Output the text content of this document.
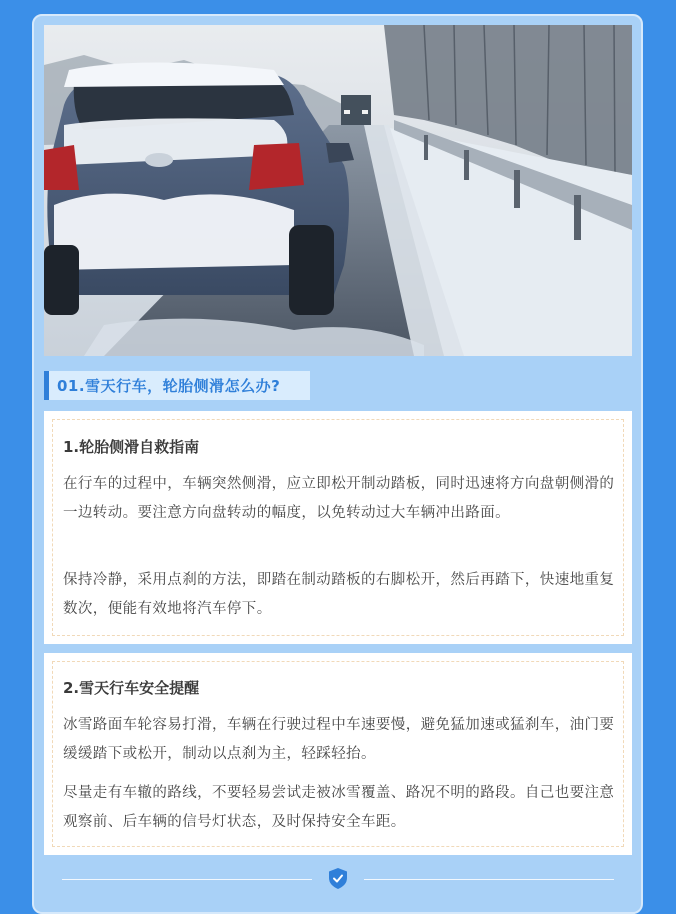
01.雪天行车，轮胎侧滑怎么办?
1.轮胎侧滑自救指南

在行车的过程中，车辆突然侧滑，应立即松开制动踏板，同时迅速将方向盘朝侧滑的一边转动。要注意方向盘转动的幅度，以免转动过大车辆冲出路面。

保持冷静，采用点刹的方法，即踏在制动踏板的右脚松开，然后再踏下，快速地重复数次，便能有效地将汽车停下。

2.雪天行车安全提醒

冰雪路面车轮容易打滑，车辆在行驶过程中车速要慢，避免猛加速或猛刹车，油门要缓缓踏下或松开，制动以点刹为主，轻踩轻抬。

尽量走有车辙的路线，不要轻易尝试走被冰雪覆盖、路况不明的路段。自己也要注意观察前、后车辆的信号灯状态，及时保持安全车距。
